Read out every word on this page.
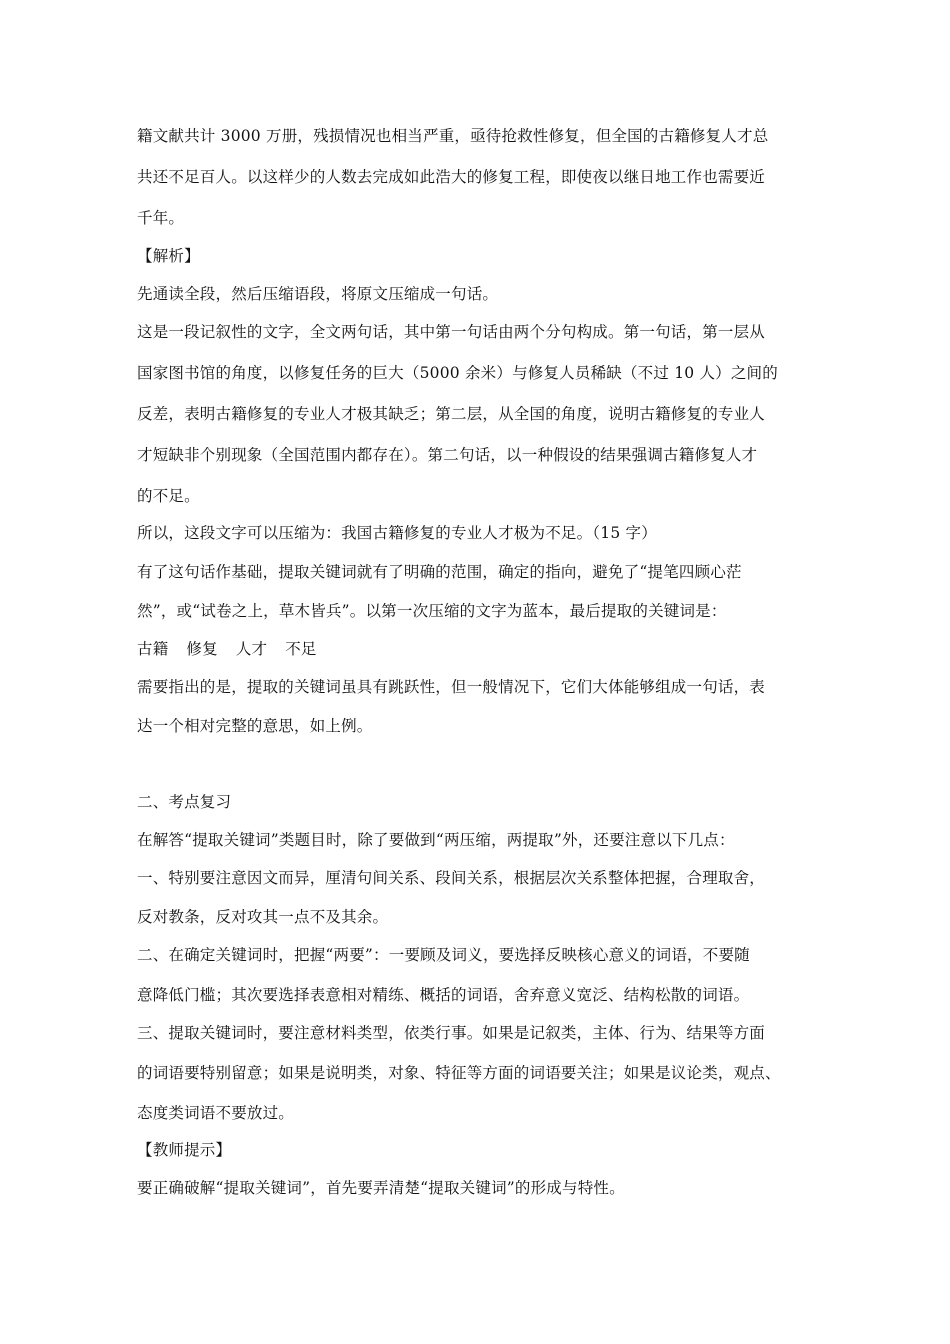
籍文献共计 3000 万册，残损情况也相当严重，亟待抢救性修复，但全国的古籍修复人才总
共还不足百人。以这样少的人数去完成如此浩大的修复工程，即使夜以继日地工作也需要近
千年。
【解析】
先通读全段，然后压缩语段，将原文压缩成一句话。
这是一段记叙性的文字，全文两句话，其中第一句话由两个分句构成。第一句话，第一层从
国家图书馆的角度，以修复任务的巨大（5000 余米）与修复人员稀缺（不过 10 人）之间的
反差，表明古籍修复的专业人才极其缺乏；第二层，从全国的角度，说明古籍修复的专业人
才短缺非个别现象（全国范围内都存在）。第二句话，以一种假设的结果强调古籍修复人才
的不足。
所以，这段文字可以压缩为：我国古籍修复的专业人才极为不足。（15 字）
有了这句话作基础，提取关键词就有了明确的范围，确定的指向，避免了“提笔四顾心茫
然”，或“试卷之上，草木皆兵”。以第一次压缩的文字为蓝本，最后提取的关键词是：
古籍 修复 人才 不足
需要指出的是，提取的关键词虽具有跳跃性，但一般情况下，它们大体能够组成一句话，表
达一个相对完整的意思，如上例。
二、考点复习
在解答“提取关键词”类题目时，除了要做到“两压缩，两提取”外，还要注意以下几点：
一、特别要注意因文而异，厘清句间关系、段间关系，根据层次关系整体把握，合理取舍，
反对教条，反对攻其一点不及其余。
二、在确定关键词时，把握“两要”：一要顾及词义，要选择反映核心意义的词语，不要随
意降低门槛；其次要选择表意相对精练、概括的词语，舍弃意义宽泛、结构松散的词语。
三、提取关键词时，要注意材料类型，依类行事。如果是记叙类，主体、行为、结果等方面
的词语要特别留意；如果是说明类，对象、特征等方面的词语要关注；如果是议论类，观点、
态度类词语不要放过。
【教师提示】
要正确破解“提取关键词”，首先要弄清楚“提取关键词”的形成与特性。
